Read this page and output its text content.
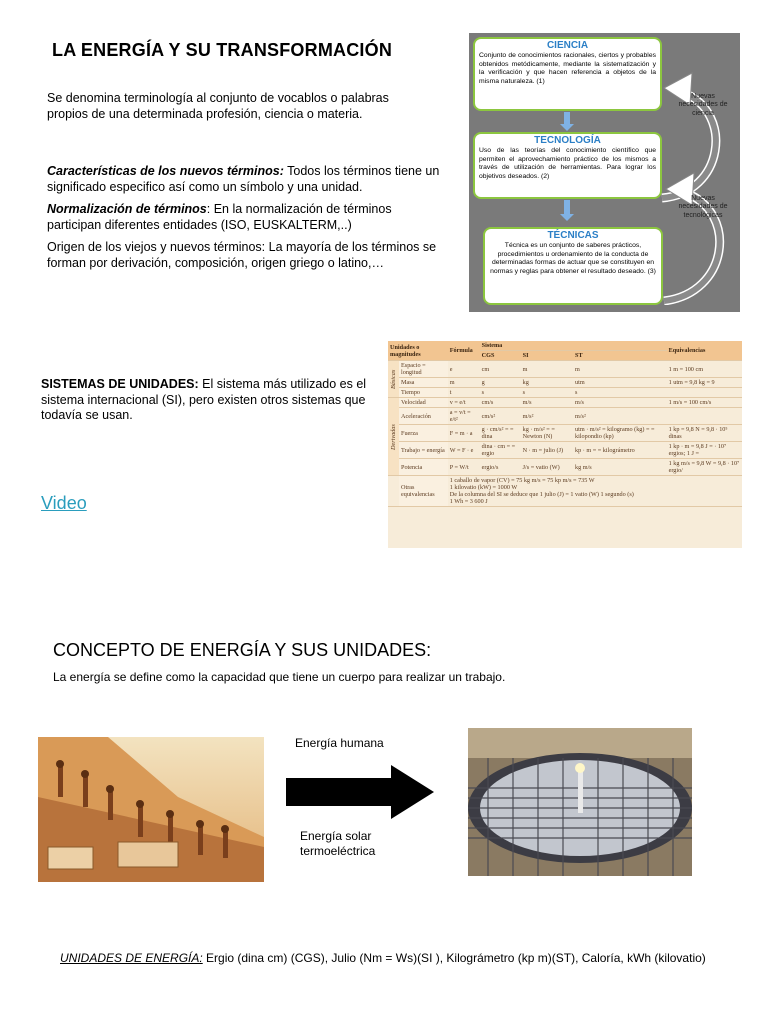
LA ENERGÍA Y SU TRANSFORMACIÓN
Se denomina terminología al conjunto de vocablos o palabras propios de una determinada profesión, ciencia o materia.
Características de los nuevos términos: Todos los términos tiene un significado especifico así como un símbolo y una unidad.
Normalización de términos: En la normalización de términos participan diferentes entidades (ISO, EUSKALTERM,..)
Origen de los viejos y nuevos términos: La mayoría de los términos se forman por derivación, composición, origen griego o latino,…
CIENCIA
Conjunto de conocimientos racionales, ciertos y probables obtenidos metódicamente, mediante la sistematización y la verificación y que hacen referencia a objetos de la misma naturaleza. (1)
TECNOLOGÍA
Uso de las teorías del conocimiento científico que permiten el aprovechamiento práctico de los mismos a través de utilización de herramientas. Para lograr los objetivos deseados. (2)
TÉCNICAS
Técnica es un conjunto de saberes prácticos, procedimientos u ordenamiento de la conducta de determinadas formas de actuar que se constituyen en normas y reglas para obtener el resultado deseado. (3)
Nuevas necesidades de ciencia
Nuevas necesidades de tecnológicas
SISTEMAS DE UNIDADES: El sistema más utilizado es el sistema internacional (SI), pero existen otros sistemas que todavía se usan.
Video
Unidades o magnitudes		Fórmula	Sistema			Equivalencias
			CGS	SI	ST	
Básicas	Espacio = longitud	e	cm	m	m	1 m = 100 cm
	Masa	m	g	kg	utm	1 utm = 9,8 kg = 9
	Tiempo	t	s	s	s	
Derivadas	Velocidad	v = e/t	cm/s	m/s	m/s	1 m/s = 100 cm/s
	Aceleración	a = v/t = e/t²	cm/s²	m/s²	m/s²	
	Fuerza	F = m · a	g · cm/s² = = dina	kg · m/s² = = Newton (N)	utm · m/s² = kilogramo (kg) = = kilopondio (kp)	1 kp = 9,8 N = 9,8 · 10⁵ dinas
	Trabajo = energía	W = F · e	dina · cm = = ergio	N · m = julio (J)	kp · m = = kilográmetro	1 kp · m = 9,8 J = · 10⁷ ergios; 1 J =
	Potencia	P = W/t	ergio/s	J/s = vatio (W)	kg m/s	1 kg m/s = 9,8 W = 9,8 · 10⁷ ergio/
	Otras equivalencias	1 caballo de vapor (CV) = 75 kg m/s = 75 kp m/s = 735 W
1 kilovatio (kW) = 1000 W
De la columna del SI se deduce que 1 julio (J) = 1 vatio (W) 1 segundo (s)
1 Wh = 3 600 J				
CONCEPTO DE ENERGÍA Y SUS UNIDADES:
La energía se define como la capacidad que tiene un cuerpo para realizar un trabajo.
Energía humana
Energía solar termoeléctrica
UNIDADES DE ENERGÍA: Ergio (dina cm) (CGS), Julio (Nm = Ws)(SI ), Kilográmetro (kp m)(ST), Caloría, kWh (kilovatio)
